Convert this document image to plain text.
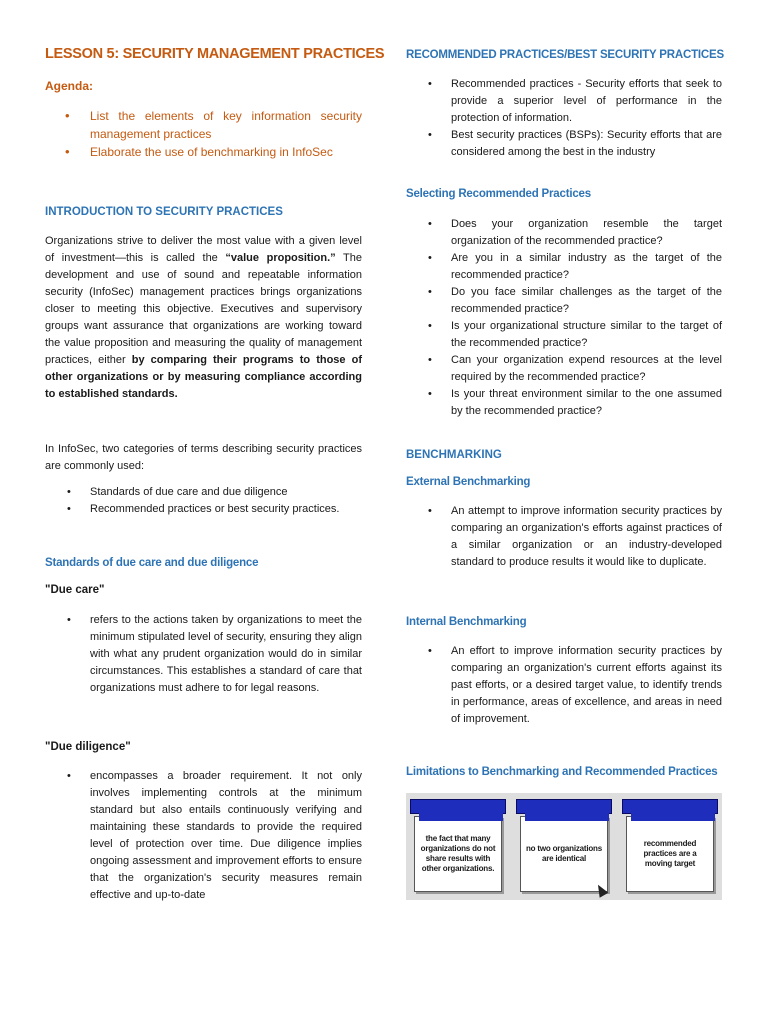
LESSON 5: SECURITY MANAGEMENT PRACTICES
Agenda:
• List the elements of key information security management practices
• Elaborate the use of benchmarking in InfoSec
INTRODUCTION TO SECURITY PRACTICES

Organizations strive to deliver the most value with a given level of investment—this is called the “value proposition.” The development and use of sound and repeatable information security (InfoSec) management practices brings organizations closer to meeting this objective. Executives and supervisory groups want assurance that organizations are working toward the value proposition and measuring the quality of management practices, either by comparing their programs to those of other organizations or by measuring compliance according to established standards.

In InfoSec, two categories of terms describing security practices are commonly used:

• Standards of due care and due diligence
• Recommended practices or best security practices.
Standards of due care and due diligence
"Due care"
• refers to the actions taken by organizations to meet the minimum stipulated level of security, ensuring they align with what any prudent organization would do in similar circumstances. This establishes a standard of care that organizations must adhere to for legal reasons.
"Due diligence"
• encompasses a broader requirement. It not only involves implementing controls at the minimum standard but also entails continuously verifying and maintaining these standards to provide the required level of protection over time. Due diligence implies ongoing assessment and improvement efforts to ensure that the organization's security measures remain effective and up-to-date
RECOMMENDED PRACTICES/BEST SECURITY PRACTICES
• Recommended practices - Security efforts that seek to provide a superior level of performance in the protection of information.
• Best security practices (BSPs): Security efforts that are considered among the best in the industry
Selecting Recommended Practices
• Does your organization resemble the target organization of the recommended practice?
• Are you in a similar industry as the target of the recommended practice?
• Do you face similar challenges as the target of the recommended practice?
• Is your organizational structure similar to the target of the recommended practice?
• Can your organization expend resources at the level required by the recommended practice?
• Is your threat environment similar to the one assumed by the recommended practice?
BENCHMARKING
External Benchmarking
• An attempt to improve information security practices by comparing an organization's efforts against practices of a similar organization or an industry-developed standard to produce results it would like to duplicate.
Internal Benchmarking
• An effort to improve information security practices by comparing an organization's current efforts against its past efforts, or a desired target value, to identify trends in performance, areas of excellence, and areas in need of improvement.
Limitations to Benchmarking and Recommended Practices
the fact that many organizations do not share results with other organizations.
no two organizations are identical
recommended practices are a moving target
